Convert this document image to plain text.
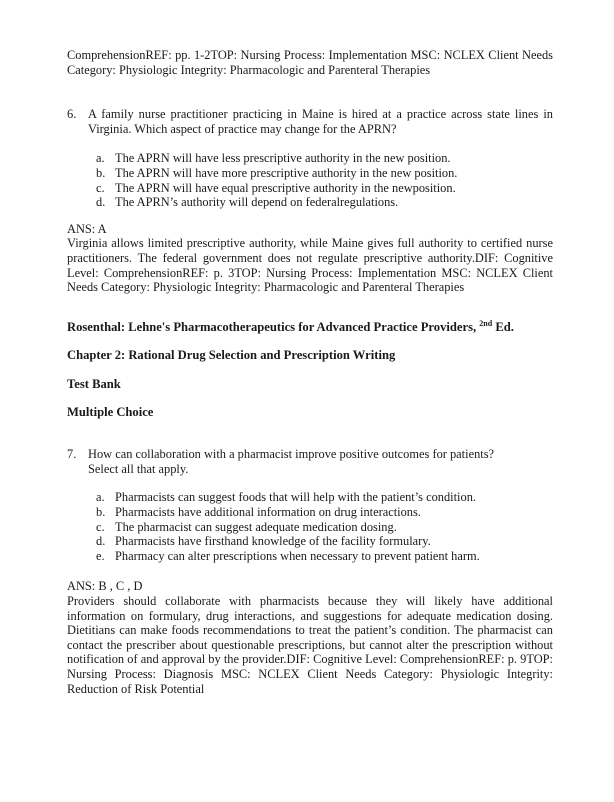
ComprehensionREF: pp. 1-2TOP: Nursing Process: Implementation MSC: NCLEX Client Needs Category: Physiologic Integrity: Pharmacologic and Parenteral Therapies

6. A family nurse practitioner practicing in Maine is hired at a practice across state lines in Virginia. Which aspect of practice may change for the APRN?
a. The APRN will have less prescriptive authority in the new position.
b. The APRN will have more prescriptive authority in the new position.
c. The APRN will have equal prescriptive authority in the newposition.
d. The APRN’s authority will depend on federalregulations.
ANS: A

Virginia allows limited prescriptive authority, while Maine gives full authority to certified nurse practitioners. The federal government does not regulate prescriptive authority.DIF: Cognitive Level: ComprehensionREF: p. 3TOP: Nursing Process: Implementation MSC: NCLEX Client Needs Category: Physiologic Integrity: Pharmacologic and Parenteral Therapies

Rosenthal: Lehne's Pharmacotherapeutics for Advanced Practice Providers, $^{2nd}$ Ed.

Chapter 2: Rational Drug Selection and Prescription Writing

Test Bank

Multiple Choice

7. How can collaboration with a pharmacist improve positive outcomes for patients?
Select all that apply.
a. Pharmacists can suggest foods that will help with the patient’s condition.
b. Pharmacists have additional information on drug interactions.
c. The pharmacist can suggest adequate medication dosing.
d. Pharmacists have firsthand knowledge of the facility formulary.
e. Pharmacy can alter prescriptions when necessary to prevent patient harm.
ANS: B , C , D

Providers should collaborate with pharmacists because they will likely have additional information on formulary, drug interactions, and suggestions for adequate medication dosing. Dietitians can make foods recommendations to treat the patient’s condition. The pharmacist can contact the prescriber about questionable prescriptions, but cannot alter the prescription without notification of and approval by the provider.DIF: Cognitive Level: ComprehensionREF: p. 9TOP: Nursing Process: Diagnosis MSC: NCLEX Client Needs Category: Physiologic Integrity: Reduction of Risk Potential
